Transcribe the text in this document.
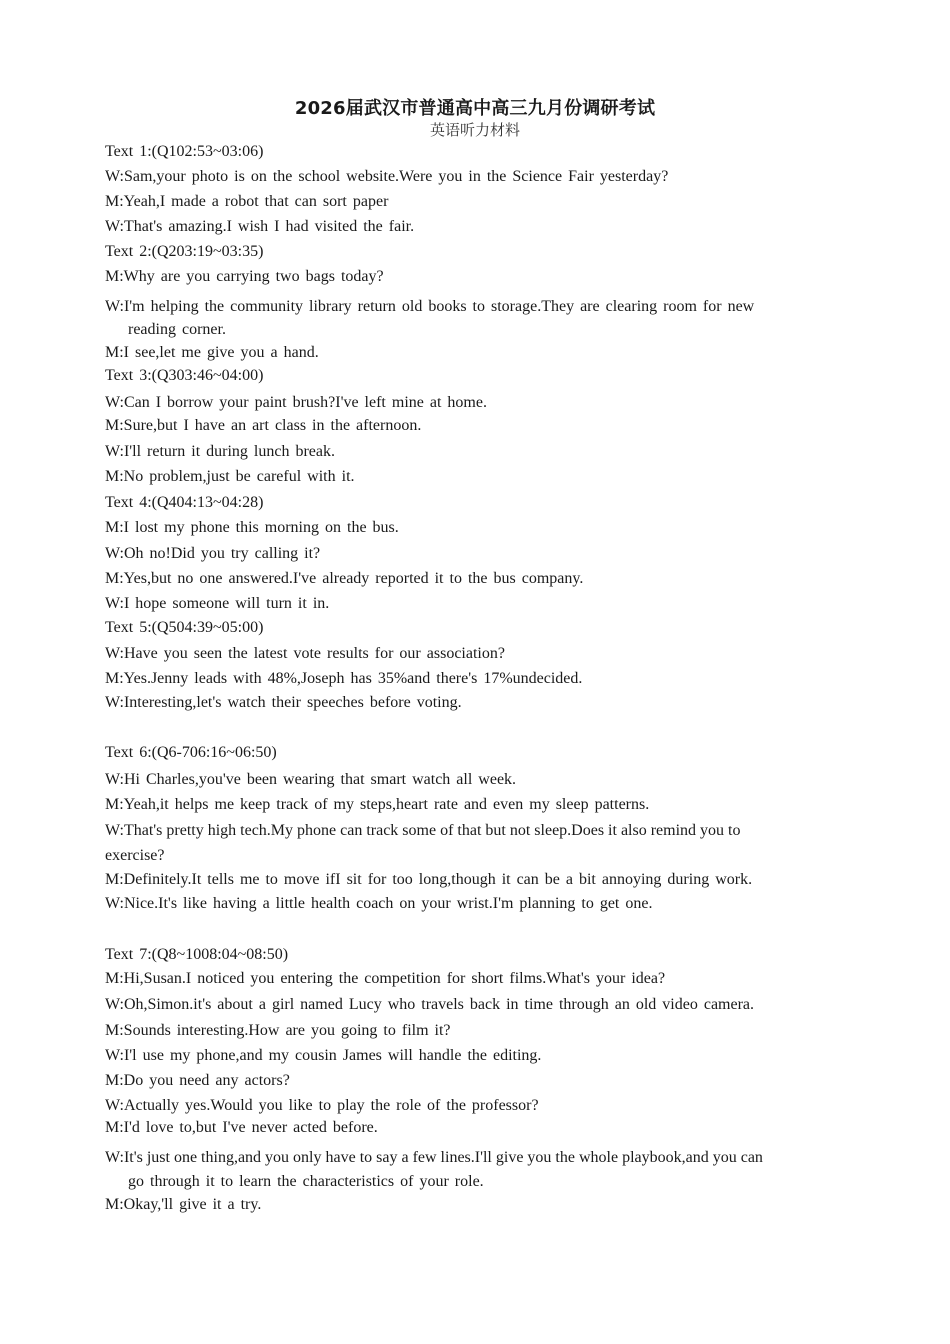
2026届武汉市普通高中高三九月份调研考试
英语听力材料
Text 1:(Q102:53~03:06)
W:Sam,your photo is on the school website.Were you in the Science Fair yesterday?
M:Yeah,I made a robot that can sort paper
W:That's amazing.I wish I had visited the fair.
Text 2:(Q203:19~03:35)
M:Why are you carrying two bags today?
W:I'm helping the community library return old books to storage.They are clearing room for new
reading corner.
M:I see,let me give you a hand.
Text 3:(Q303:46~04:00)
W:Can I borrow your paint brush?I've left mine at home.
M:Sure,but I have an art class in the afternoon.
W:I'll return it during lunch break.
M:No problem,just be careful with it.
Text 4:(Q404:13~04:28)
M:I lost my phone this morning on the bus.
W:Oh no!Did you try calling it?
M:Yes,but no one answered.I've already reported it to the bus company.
W:I hope someone will turn it in.
Text 5:(Q504:39~05:00)
W:Have you seen the latest vote results for our association?
M:Yes.Jenny leads with 48%,Joseph has 35%and there's 17%undecided.
W:Interesting,let's watch their speeches before voting.
Text 6:(Q6-706:16~06:50)
W:Hi Charles,you've been wearing that smart watch all week.
M:Yeah,it helps me keep track of my steps,heart rate and even my sleep patterns.
W:That's pretty high tech.My phone can track some of that but not sleep.Does it also remind you to
exercise?
M:Definitely.It tells me to move ifI sit for too long,though it can be a bit annoying during work.
W:Nice.It's like having a little health coach on your wrist.I'm planning to get one.
Text 7:(Q8~1008:04~08:50)
M:Hi,Susan.I noticed you entering the competition for short films.What's your idea?
W:Oh,Simon.it's about a girl named Lucy who travels back in time through an old video camera.
M:Sounds interesting.How are you going to film it?
W:I'l use my phone,and my cousin James will handle the editing.
M:Do you need any actors?
W:Actually yes.Would you like to play the role of the professor?
M:I'd love to,but I've never acted before.
W:It's just one thing,and you only have to say a few lines.I'll give you the whole playbook,and you can
go through it to learn the characteristics of your role.
M:Okay,'ll give it a try.
